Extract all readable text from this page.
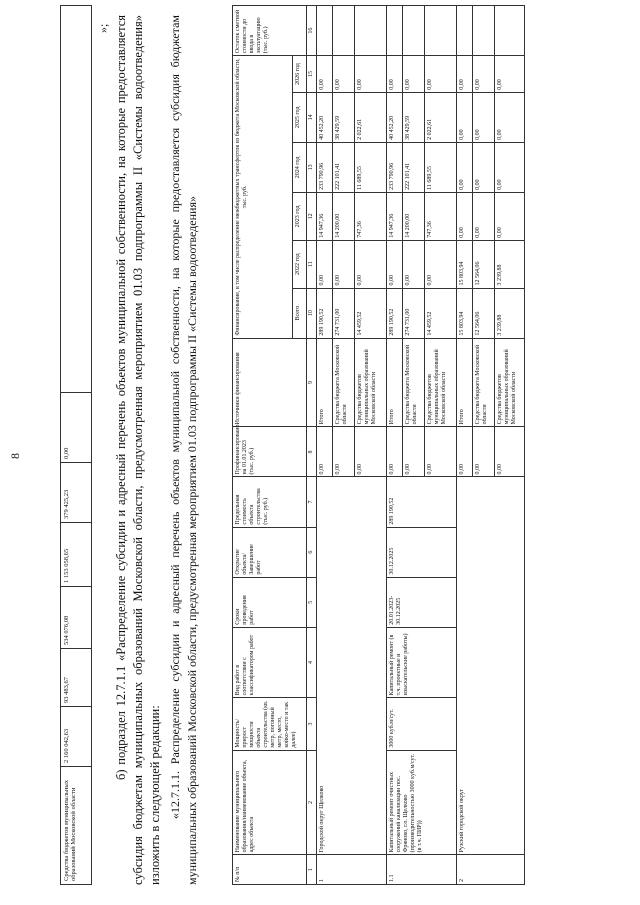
8
Средства бюджетов муниципальных образований Московской области	2 160 042,63	93 483,67	534 076,08	1 153 058,65	379 425,23	0,00	
»; б) подраздел 12.7.1.1 «Распределение субсидии и адресный перечень объектов муниципальной собственности, на которые предоставляется субсидия бюджетам муниципальных образований Московской области, предусмотренная мероприятием 01.03 подпрограммы II «Системы водоотведения» изложить в следующей редакции: «12.7.1.1. Распределение субсидии и адресный перечень объектов муниципальной собственности, на которые предоставляется субсидия бюджетам муниципальных образований Московской области, предусмотренная мероприятием 01.03 подпрограммы II «Системы водоотведения»	№ п/п	Наименование муниципального образования/наименование объекта, адрес объекта	Мощность/ прирост мощности объекта строительства (кв. метр, погонный метр, место, койко-место и так далее)	Вид работ в соответствии с классификатором работ	Сроки проведения работ	Открытие объекта/Завершение работ	Предельная стоимость объекта строительства (тыс. руб.)	Профинансировано на 01.01.2023 (тыс. руб.)	Источники финансирования	Финансирование, в том числе распределение межбюджетных трансфертов из бюджета Московской области, тыс. руб.						Остаток сметной стоимости до ввода в эксплуатацию (тыс. руб.)
									Всего	2022 год	2023 год	2024 год	2025 год	2026 год	
1	2	3	4	5	6	7	8	9	10	11	12	13	14	15	16
1	Городской округ Щелково						0,00	Итого	289 190,52	0,00	14 947,36	233 790,96	40 452,20	0,00	
							0,00	Средства бюджета Московской области	274 731,00	0,00	14 200,00	222 101,41	38 429,59	0,00	
							0,00	Средства бюджетов муниципальных образований Московской области	14 459,52	0,00	747,36	11 689,55	2 022,61	0,00	
1.1	Капитальный ремонт очистных сооружений канализации пос. Фряново, г.о. Щелково (производительностью 3000 куб.м/сут. (в т.ч. ПИР))	3000 куб.м/сут.	Капитальный ремонт (в т.ч. проектные и изыскательские работы)	20.01.2023-30.12.2025	30.12.2025	289 190,52	0,00	Итого	289 190,52	0,00	14 947,36	233 790,96	40 452,20	0,00	
							0,00	Средства бюджета Московской области	274 731,00	0,00	14 200,00	222 101,41	38 429,59	0,00	
							0,00	Средства бюджетов муниципальных образований Московской области	14 459,52	0,00	747,36	11 689,55	2 022,61	0,00	
2	Рузский городской округ						0,00	Итого	15 803,94	15 803,94	0,00	0,00	0,00	0,00	
							0,00	Средства бюджета Московской области	12 564,06	12 564,06	0,00	0,00	0,00	0,00	
							0,00	Средства бюджетов муниципальных образований Московской области	3 239,88	3 239,88	0,00	0,00	0,00	0,00	
